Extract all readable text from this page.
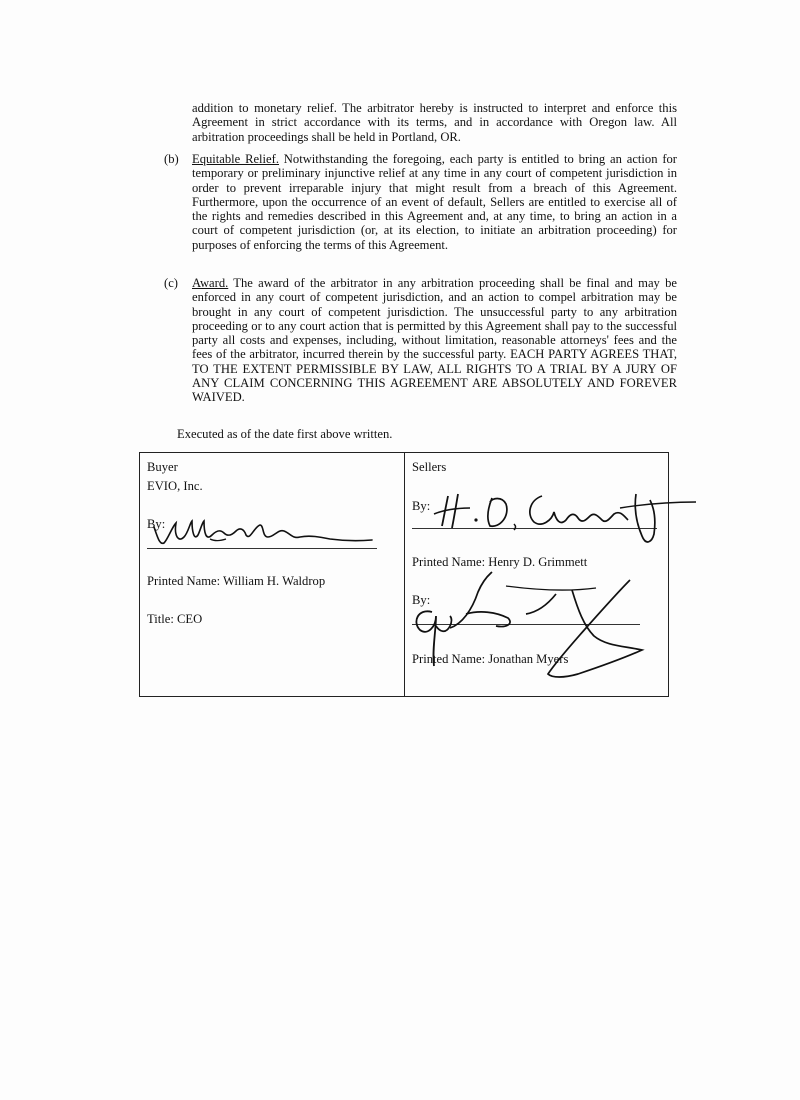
addition to monetary relief. The arbitrator hereby is instructed to interpret and enforce this Agreement in strict accordance with its terms, and in accordance with Oregon law. All arbitration proceedings shall be held in Portland, OR.
(b) Equitable Relief. Notwithstanding the foregoing, each party is entitled to bring an action for temporary or preliminary injunctive relief at any time in any court of competent jurisdiction in order to prevent irreparable injury that might result from a breach of this Agreement. Furthermore, upon the occurrence of an event of default, Sellers are entitled to exercise all of the rights and remedies described in this Agreement and, at any time, to bring an action in a court of competent jurisdiction (or, at its election, to initiate an arbitration proceeding) for purposes of enforcing the terms of this Agreement.
(c) Award. The award of the arbitrator in any arbitration proceeding shall be final and may be enforced in any court of competent jurisdiction, and an action to compel arbitration may be brought in any court of competent jurisdiction. The unsuccessful party to any arbitration proceeding or to any court action that is permitted by this Agreement shall pay to the successful party all costs and expenses, including, without limitation, reasonable attorneys' fees and the fees of the arbitrator, incurred therein by the successful party. EACH PARTY AGREES THAT, TO THE EXTENT PERMISSIBLE BY LAW, ALL RIGHTS TO A TRIAL BY A JURY OF ANY CLAIM CONCERNING THIS AGREEMENT ARE ABSOLUTELY AND FOREVER WAIVED.
Executed as of the date first above written.
Buyer
EVIO, Inc.
By:
Printed Name: William H. Waldrop
Title: CEO
Sellers
By:
Printed Name: Henry D. Grimmett
By:
Printed Name: Jonathan Myers
